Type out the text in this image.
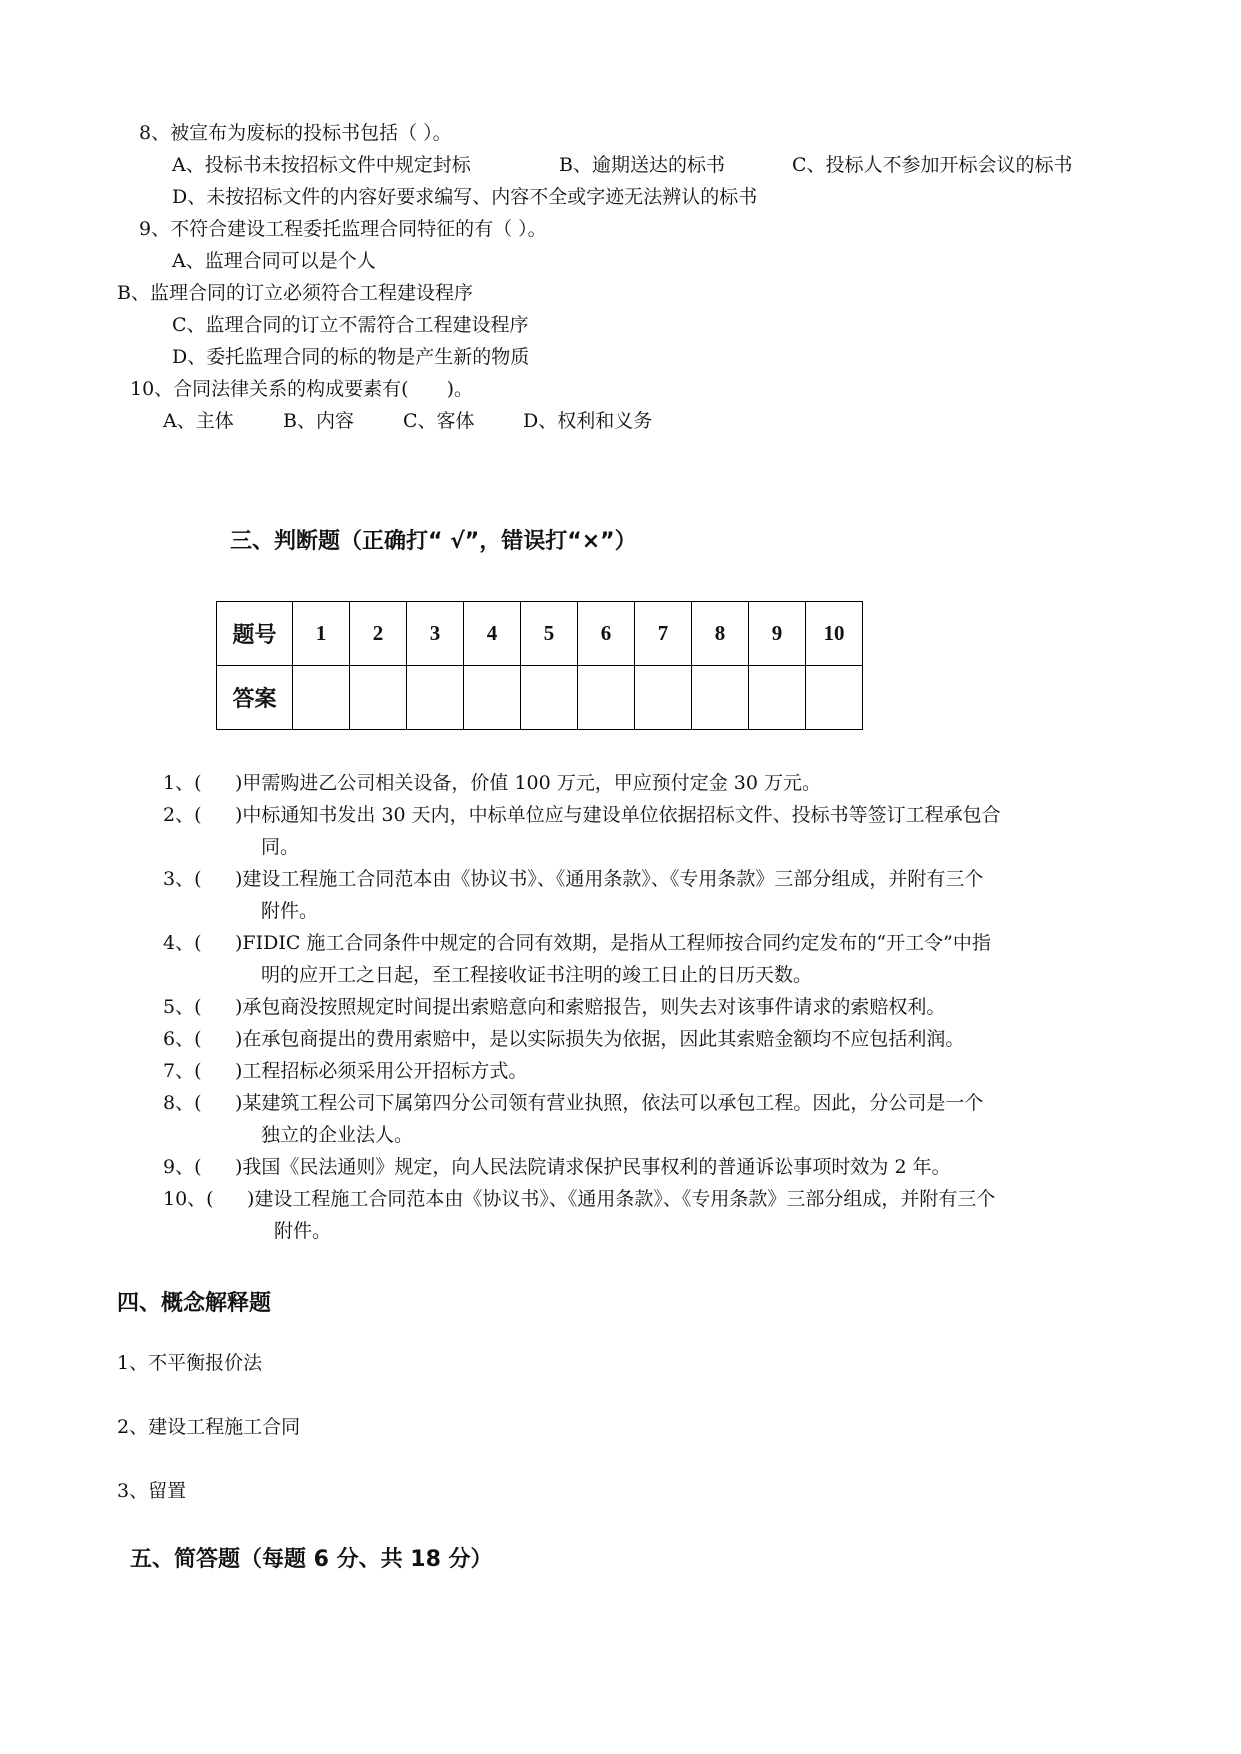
8、被宣布为废标的投标书包括（ ）。
A、投标书未按招标文件中规定封标	B、逾期送达的标书	C、投标人不参加开标会议的标书
D、未按招标文件的内容好要求编写、内容不全或字迹无法辨认的标书
9、不符合建设工程委托监理合同特征的有（ ）。
A、监理合同可以是个人
B、监理合同的订立必须符合工程建设程序
C、监理合同的订立不需符合工程建设程序
D、委托监理合同的标的物是产生新的物质
10、合同法律关系的构成要素有(　　)。
A、主体	B、内容	C、客体	D、权利和义务
三、判断题（正确打“ √”，错误打“×”）
题号	1	2	3	4	5	6	7	8	9	10
答案										
1、( )甲需购进乙公司相关设备，价值 100 万元，甲应预付定金 30 万元。
2、( )中标通知书发出 30 天内，中标单位应与建设单位依据招标文件、投标书等签订工程承包合
同。
3、( )建设工程施工合同范本由《协议书》、《通用条款》、《专用条款》三部分组成，并附有三个
附件。
4、( )FIDIC 施工合同条件中规定的合同有效期，是指从工程师按合同约定发布的“开工令”中指
明的应开工之日起，至工程接收证书注明的竣工日止的日历天数。
5、( )承包商没按照规定时间提出索赔意向和索赔报告，则失去对该事件请求的索赔权利。
6、( )在承包商提出的费用索赔中，是以实际损失为依据，因此其索赔金额均不应包括利润。
7、( )工程招标必须采用公开招标方式。
8、( )某建筑工程公司下属第四分公司领有营业执照，依法可以承包工程。因此，分公司是一个
独立的企业法人。
9、( )我国《民法通则》规定，向人民法院请求保护民事权利的普通诉讼事项时效为 2 年。
10、( )建设工程施工合同范本由《协议书》、《通用条款》、《专用条款》三部分组成，并附有三个
附件。
四、概念解释题
1、不平衡报价法
2、建设工程施工合同
3、留置
五、简答题（每题 6 分、共 18 分）
